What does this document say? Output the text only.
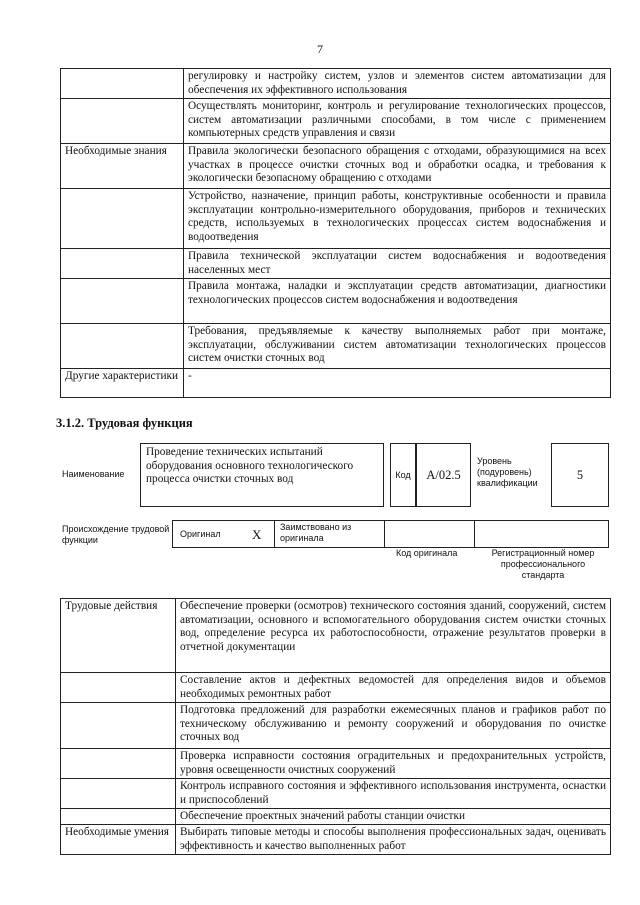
7
	регулировку и настройку систем, узлов и элементов систем автоматизации для обеспечения их эффективного использования
	Осуществлять мониторинг, контроль и регулирование технологических процессов, систем автоматизации различными способами, в том числе с применением компьютерных средств управления и связи
Необходимые знания	Правила экологически безопасного обращения с отходами, образующимися на всех участках в процессе очистки сточных вод и обработки осадка, и требования к экологически безопасному обращению с отходами
	Устройство, назначение, принцип работы, конструктивные особенности и правила эксплуатации контрольно-измерительного оборудования, приборов и технических средств, используемых в технологических процессах систем водоснабжения и водоотведения
	Правила технической эксплуатации систем водоснабжения и водоотведения населенных мест
	Правила монтажа, наладки и эксплуатации средств автоматизации, диагностики технологических процессов систем водоснабжения и водоотведения
	Требования, предъявляемые к качеству выполняемых работ при монтаже, эксплуатации, обслуживании систем автоматизации технологических процессов систем очистки сточных вод
Другие характеристики	-
3.1.2. Трудовая функция
Наименование
Проведение технических испытаний оборудования основного технологического процесса очистки сточных вод	Код	A/02.5
Уровень (подуровень) квалификации
5
Происхождение трудовой функции
Оригинал X Заимствовано из оригинала
Код оригинала	Регистрационный номер профессионального стандарта
Трудовые действия	Обеспечение проверки (осмотров) технического состояния зданий, сооружений, систем автоматизации, основного и вспомогательного оборудования систем очистки сточных вод, определение ресурса их работоспособности, отражение результатов проверки в отчетной документации
	Составление актов и дефектных ведомостей для определения видов и объемов необходимых ремонтных работ
	Подготовка предложений для разработки ежемесячных планов и графиков работ по техническому обслуживанию и ремонту сооружений и оборудования по очистке сточных вод
	Проверка исправности состояния оградительных и предохранительных устройств, уровня освещенности очистных сооружений
	Контроль исправного состояния и эффективного использования инструмента, оснастки и приспособлений
	Обеспечение проектных значений работы станции очистки
Необходимые умения	Выбирать типовые методы и способы выполнения профессиональных задач, оценивать эффективность и качество выполненных работ
